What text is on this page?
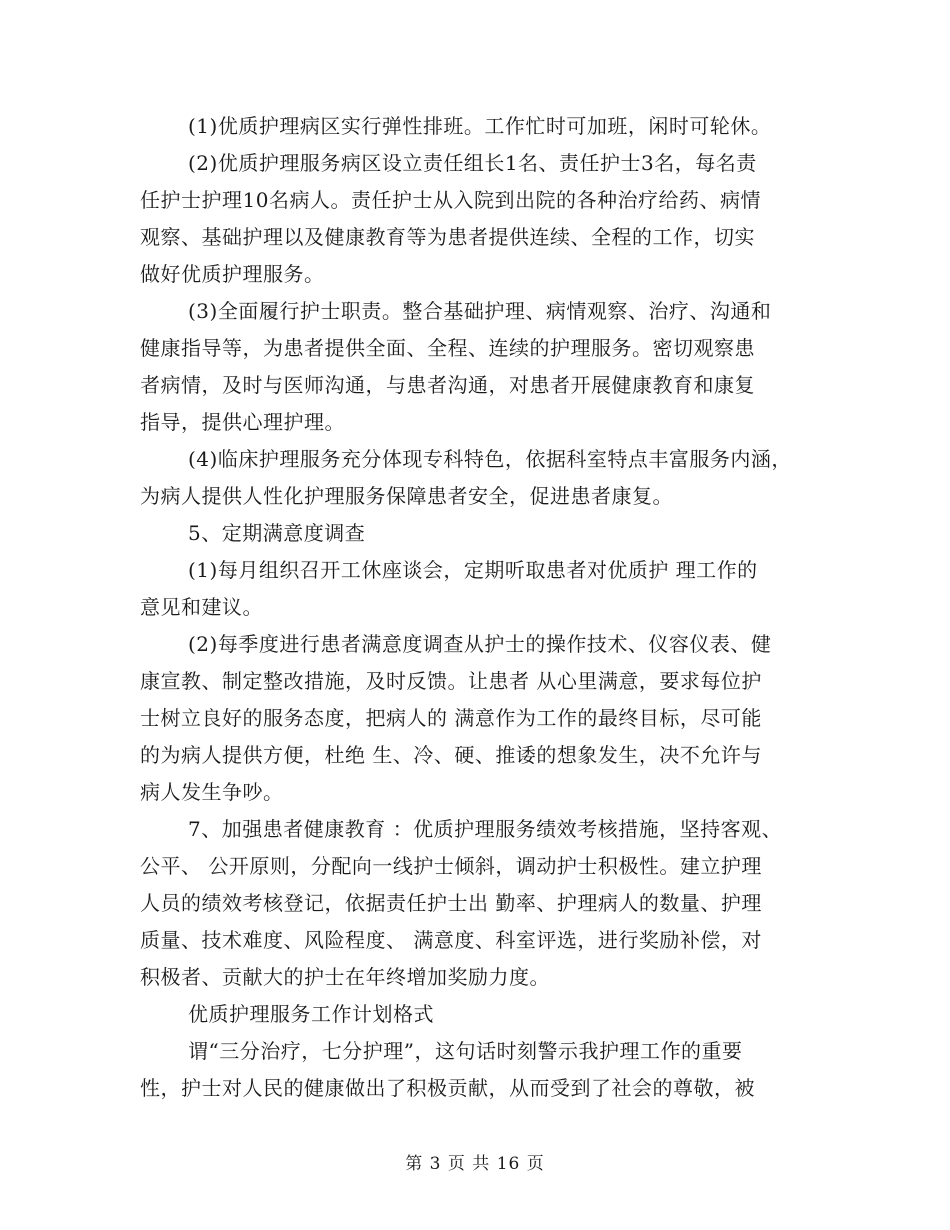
(1)优质护理病区实行弹性排班。工作忙时可加班，闲时可轮休。
(2)优质护理服务病区设立责任组长1名、责任护士3名，每名责
任护士护理10名病人。责任护士从入院到出院的各种治疗给药、病情
观察、基础护理以及健康教育等为患者提供连续、全程的工作，切实
做好优质护理服务。
(3)全面履行护士职责。整合基础护理、病情观察、治疗、沟通和
健康指导等，为患者提供全面、全程、连续的护理服务。密切观察患
者病情，及时与医师沟通，与患者沟通，对患者开展健康教育和康复
指导，提供心理护理。
(4)临床护理服务充分体现专科特色，依据科室特点丰富服务内涵，
为病人提供人性化护理服务保障患者安全，促进患者康复。
5、定期满意度调查
(1)每月组织召开工休座谈会，定期听取患者对优质护 理工作的
意见和建议。
(2)每季度进行患者满意度调查从护士的操作技术、仪容仪表、健
康宣教、制定整改措施，及时反馈。让患者 从心里满意，要求每位护
士树立良好的服务态度，把病人的 满意作为工作的最终目标，尽可能
的为病人提供方便，杜绝 生、冷、硬、推诿的想象发生，决不允许与
病人发生争吵。
7、加强患者健康教育 ：优质护理服务绩效考核措施，坚持客观、
公平、 公开原则，分配向一线护士倾斜，调动护士积极性。建立护理
人员的绩效考核登记，依据责任护士出 勤率、护理病人的数量、护理
质量、技术难度、风险程度、 满意度、科室评选，进行奖励补偿，对
积极者、贡献大的护士在年终增加奖励力度。
优质护理服务工作计划格式
谓“三分治疗，七分护理”，这句话时刻警示我护理工作的重要
性，护士对人民的健康做出了积极贡献，从而受到了社会的尊敬，被
第 3 页 共 16 页
